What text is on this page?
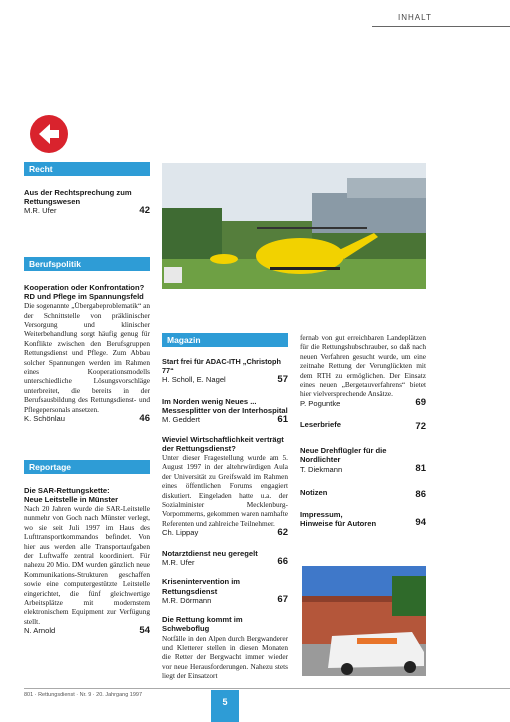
INHALT
Recht
Aus der Rechtsprechung zum Rettungswesen
M.R. Ufer	42
Berufspolitik
Kooperation oder Konfrontation?
RD und Pflege im Spannungsfeld
Die sogenannte „Übergabeproblematik“ an der Schnittstelle von präklinischer Versorgung und klinischer Weiterbehandlung sorgt häufig genug für Konflikte zwischen den Berufsgruppen Rettungsdienst und Pflege. Zum Abbau solcher Spannungen werden im Rahmen eines Kooperationsmodells unterschiedliche Lösungsvorschläge unterbreitet, die bereits in der Berufsausbildung des Rettungsdienst- und Pflegepersonals ansetzen.
K. Schönlau	46
Reportage
Die SAR-Rettungskette:
Neue Leitstelle in Münster
Nach 20 Jahren wurde die SAR-Leitstelle nunmehr von Goch nach Münster verlegt, wo sie seit Juli 1997 im Haus des Lufttransportkommandos befindet. Von hier aus werden alle Transportaufgaben der Luftwaffe zentral koordiniert. Für nahezu 20 Mio. DM wurden gänzlich neue Kommunikations-Strukturen geschaffen sowie eine computergestützte Leitstelle eingerichtet, die fünf gleichwertige Arbeitsplätze mit modernstem elektronischem Equipment zur Verfügung stellt.
N. Arnold	54
Magazin
Start frei für ADAC-ITH „Christoph 77“
H. Scholl, E. Nagel	57
Im Norden wenig Neues ...
Messesplitter von der Interhospital
M. Geddert	61
Wieviel Wirtschaftlichkeit verträgt
der Rettungsdienst?
Unter dieser Fragestellung wurde am 5. August 1997 in der altehrwürdigen Aula der Universität zu Greifswald im Rahmen eines öffentlichen Forums engagiert diskutiert. Eingeladen hatte u.a. der Sozialminister Mecklenburg-Vorpommerns, gekommen waren namhafte Referenten und zahlreiche Teilnehmer.
Ch. Lippay	62
Notarztdienst neu geregelt
M.R. Ufer	66
Krisenintervention im Rettungsdienst
M.R. Dörmann	67
Die Rettung kommt im Schweboflug
Notfälle in den Alpen durch Bergwanderer und Kletterer stellen in diesen Monaten die Retter der Bergwacht immer wieder vor neue Herausforderungen. Nahezu stets liegt der Einsatzort
fernab von gut erreichbaren Landeplätzen für die Rettungshubschrauber, so daß nach neuen Verfahren gesucht wurde, um eine zeitnahe Rettung der Verunglückten mit dem RTH zu ermöglichen. Der Einsatz eines neuen „Bergetauverfahrens“ bietet hier vielversprechende Ansätze.
P. Poguntke	69
Leserbriefe	72
Neue Drehflügler für die Nordlichter
T. Diekmann	81
Notizen	86
Impressum,
Hinweise für Autoren	94
801 · Rettungsdienst · Nr. 9 · 20. Jahrgang 1997
5
